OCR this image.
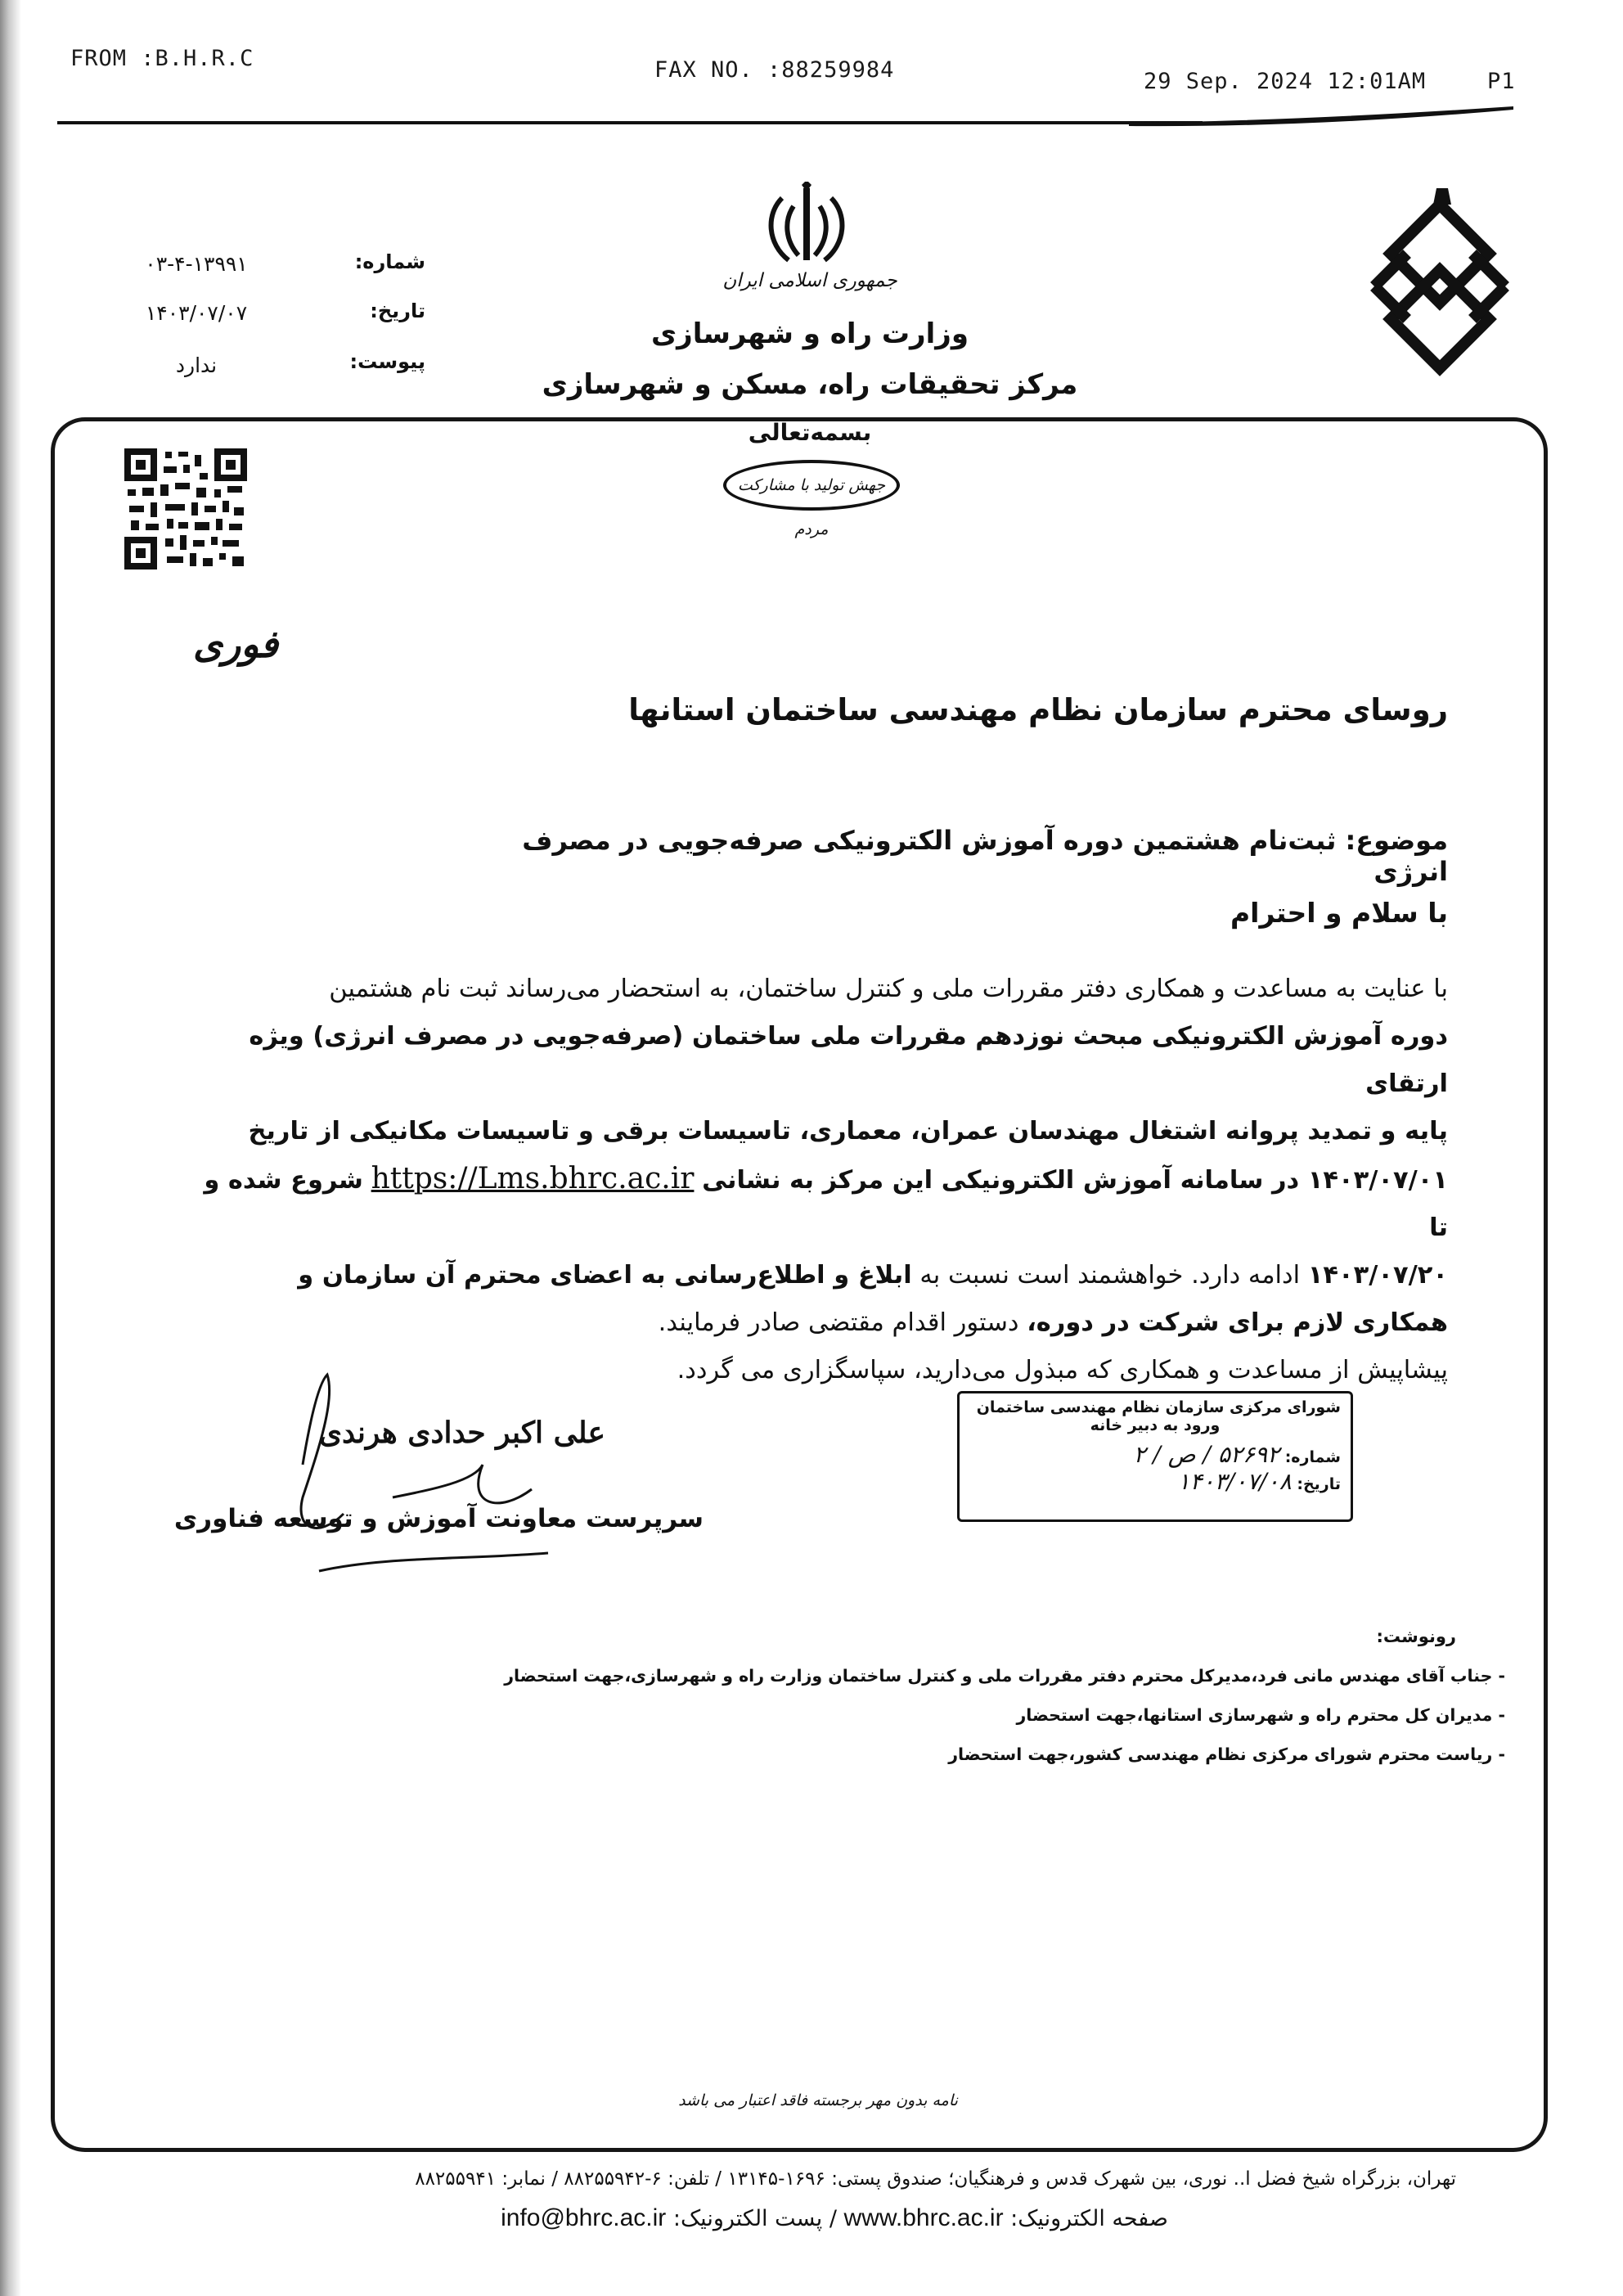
FROM :B.H.R.C	FAX NO. :88259984	29 Sep. 2024 12:01AM	P1
جمهوری اسلامی ایران
وزارت راه و شهرسازی
مرکز تحقیقات راه، مسکن و شهرسازی
شماره:
۰۳-۴-۱۳۹۹۱
تاریخ:
۱۴۰۳/۰۷/۰۷
پیوست:
ندارد
بسمه‌تعالی
جهش تولید با مشارکت مردم
فوری
روسای محترم سازمان نظام مهندسی ساختمان استانها
موضوع: ثبت‌نام هشتمین دوره آموزش الکترونیکی صرفه‌جویی در مصرف انرژی
با سلام و احترام

با عنایت به مساعدت و همکاری دفتر مقررات ملی و کنترل ساختمان، به استحضار می‌رساند ثبت نام هشتمین

دوره آموزش الکترونیکی مبحث نوزدهم مقررات ملی ساختمان (صرفه‌جویی در مصرف انرژی) ویژه ارتقای

پایه و تمدید پروانه اشتغال مهندسان عمران، معماری، تاسیسات برقی و تاسیسات مکانیکی از تاریخ

۱۴۰۳/۰۷/۰۱ در سامانه آموزش الکترونیکی این مرکز به نشانی https://Lms.bhrc.ac.ir شروع شده و تا

۱۴۰۳/۰۷/۲۰ ادامه دارد. خواهشمند است نسبت به ابلاغ و اطلاع‌رسانی به اعضای محترم آن سازمان و

همکاری لازم برای شرکت در دوره، دستور اقدام مقتضی صادر فرمایند.

پیشاپیش از مساعدت و همکاری که مبذول می‌دارید، سپاسگزاری می گردد.

علی اکبر حدادی هرندی
سرپرست معاونت آموزش و توسعه فناوری
شورای مرکزی سازمان نظام مهندسی ساختمان
ورود به دبیر خانه
شماره: ۵۲۶۹۲ / ص / ۲
تاریخ: ۱۴۰۳/۰۷/۰۸
رونوشت:
- جناب آقای مهندس مانی فرد،مدیرکل محترم دفتر مقررات ملی و کنترل ساختمان وزارت راه و شهرسازی،جهت استحضار
- مدیران کل محترم راه و شهرسازی استانها،جهت استحضار
- ریاست محترم شورای مرکزی نظام مهندسی کشور،جهت استحضار
نامه بدون مهر برجسته فاقد اعتبار می باشد
تهران، بزرگراه شیخ فضل ا.. نوری، بین شهرک قدس و فرهنگیان؛ صندوق پستی: ۱۶۹۶-۱۳۱۴۵ / تلفن: ۶-۸۸۲۵۵۹۴۲ / نمابر: ۸۸۲۵۵۹۴۱
صفحه الکترونیک: www.bhrc.ac.ir / پست الکترونیک: info@bhrc.ac.ir
